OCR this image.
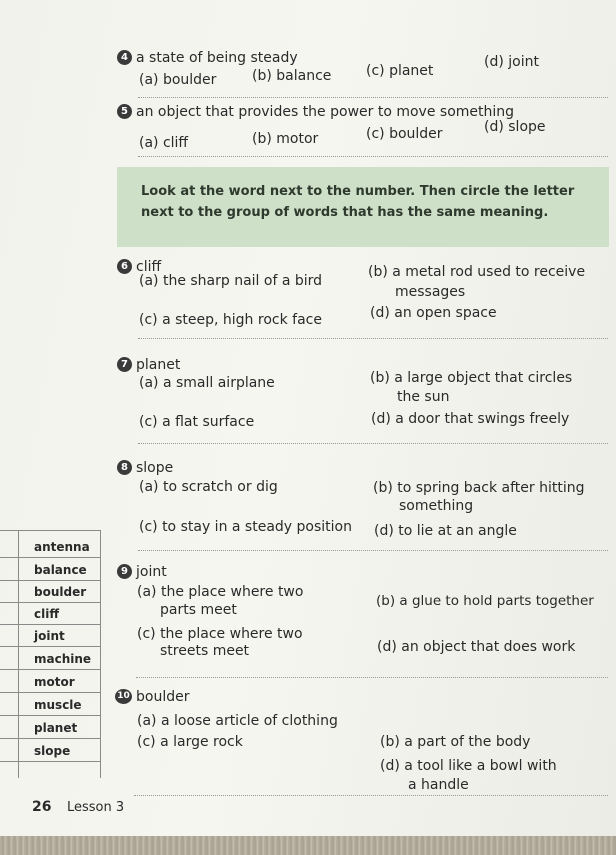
4 a state of being steady
(a) boulder	(b) balance (c) planet
(d) joint
5 an object that provides the power to move something
(a) cliff	(b) motor	(c) boulder	(d) slope
Look at the word next to the number. Then circle the letter next to the group of words that has the same meaning.
6 cliff
(a) the sharp nail of a bird
(b) a metal rod used to receive
messages
(c) a steep, high rock face	(d) an open space
7 planet
(a) a small airplane	(b) a large object that circles
the sun
(c) a flat surface	(d) a door that swings freely
8 slope
(a) to scratch or dig	(b) to spring back after hitting
something
(c) to stay in a steady position (d) to lie at an angle
antenna
balance
boulder
cliff
joint
machine
motor
muscle
planet
slope
9 joint
(a) the place where two
parts meet
(b) a glue to hold parts together
(c) the place where two
streets meet	(d) an object that does work
10 boulder
(a) a loose article of clothing
(b) a part of the body
(c) a large rock
(d) a tool like a bowl with
a handle
26 Lesson 3
